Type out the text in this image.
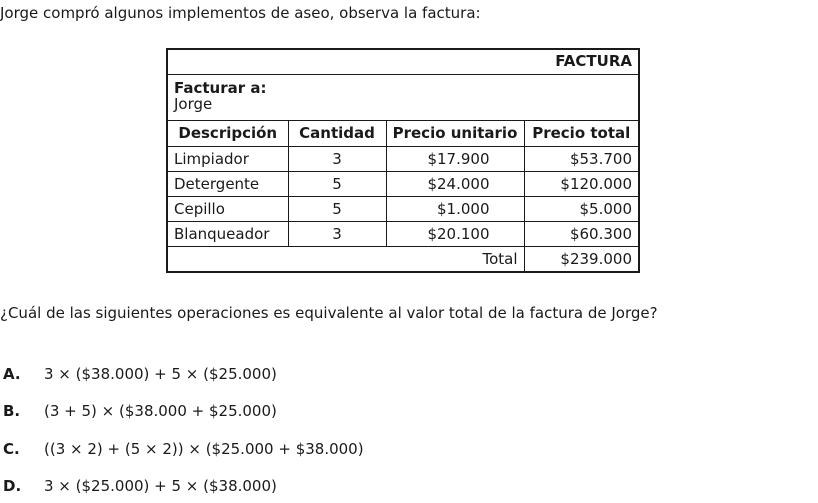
Jorge compró algunos implementos de aseo, observa la factura:
FACTURA
Facturar a:
Jorge
Descripción	Cantidad	Precio unitario	Precio total
Limpiador	3	$17.900	$53.700
Detergente	5	$24.000	$120.000
Cepillo	5	$1.000	$5.000
Blanqueador	3	$20.100	$60.300
Total			$239.000
¿Cuál de las siguientes operaciones es equivalente al valor total de la factura de Jorge?
A. 3 × ($38.000) + 5 × ($25.000)
B. (3 + 5) × ($38.000 + $25.000)
C. ((3 × 2) + (5 × 2)) × ($25.000 + $38.000)
D. 3 × ($25.000) + 5 × ($38.000)
